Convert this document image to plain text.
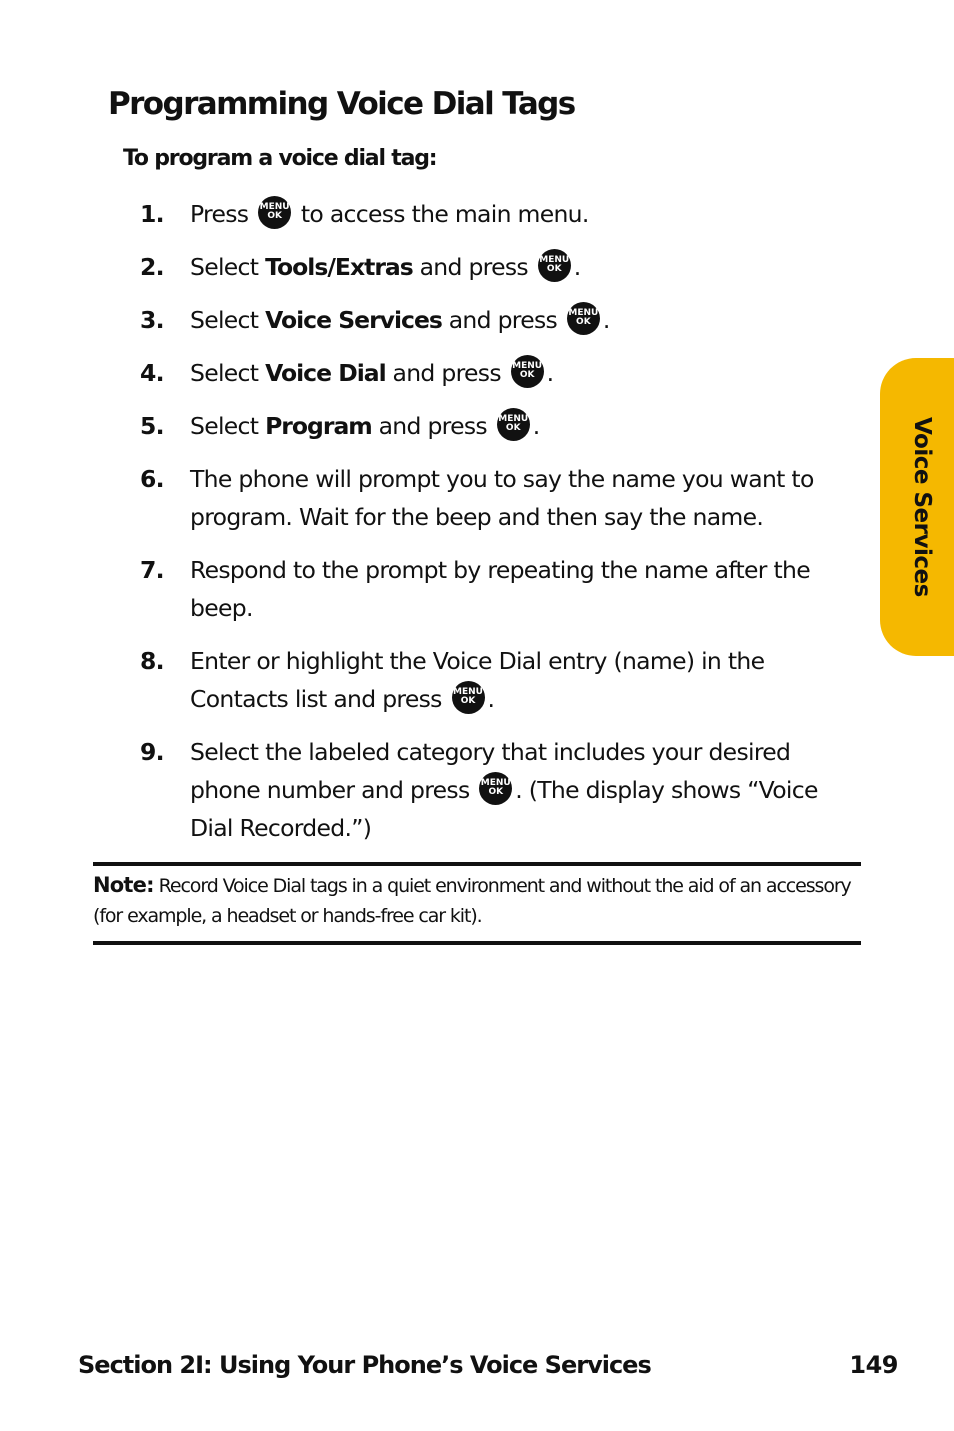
Programming Voice Dial Tags

To program a voice dial tag:

1.	Press MENU
OK to access the main menu.
2.	Select Tools/Extras and press MENU
OK .
3.	Select Voice Services and press MENU
OK .
4.	Select Voice Dial and press MENU
OK .
5.	Select Program and press MENU
OK .
6.	The phone will prompt you to say the name you want to program. Wait for the beep and then say the name.
7.	Respond to the prompt by repeating the name after the beep.
8.	Enter or highlight the Voice Dial entry (name) in the Contacts list and press MENU
OK .
9.	Select the labeled category that includes your desired phone number and press MENU
OK . (The display shows “Voice Dial Recorded.”)
Note: Record Voice Dial tags in a quiet environment and without the aid of an accessory (for example, a headset or hands-free car kit).
Voice Services
Section 2I: Using Your Phone’s Voice Services	149
